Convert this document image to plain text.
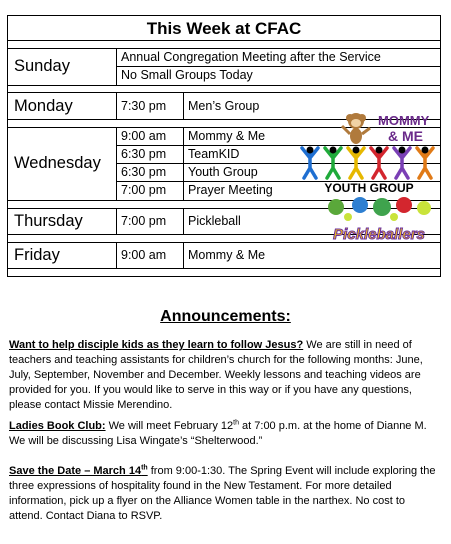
This Week at CFAC		

Sunday	Annual Congregation Meeting after the Service	
	No Small Groups Today	

Monday	7:30 pm	Men’s Group

Wednesday	9:00 am	Mommy & Me
	6:30 pm	TeamKID
	6:30 pm	Youth Group
	7:00 pm	Prayer Meeting

Thursday	7:00 pm	Pickleball

Friday	9:00 am	Mommy & Me

MOMMY
& ME
YOUTH GROUP
Pickleballers
Announcements:
Want to help disciple kids as they learn to follow Jesus? We are still in need of teachers and teaching assistants for children’s church for the following months: June, July, September, November and December. Weekly lessons and teaching videos are provided for you. If you would like to serve in this way or if you have any questions, please contact Missie Merendino.
Ladies Book Club: We will meet February 12th at 7:00 p.m. at the home of Dianne M. We will be discussing Lisa Wingate’s “Shelterwood.”
Save the Date – March 14th from 9:00-1:30. The Spring Event will include exploring the three expressions of hospitality found in the New Testament. For more detailed information, pick up a flyer on the Alliance Women table in the narthex. No cost to attend. Contact Diana to RSVP.
